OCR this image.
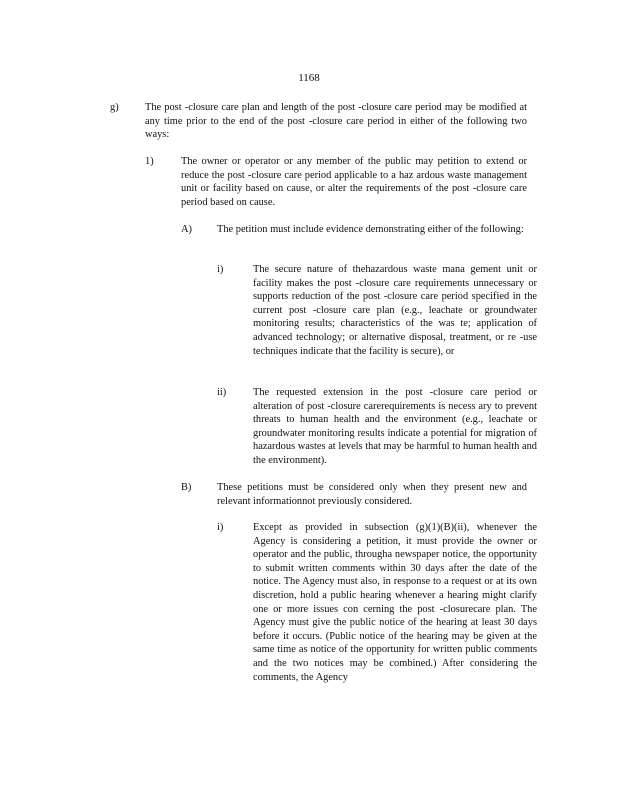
1168
g)	The post -closure care plan and length of the post -closure care period may be modified at any time prior to the end of the post -closure care period in either of the following two ways:
1)	The owner or operator or any member of the public may petition to extend or reduce the post -closure care period applicable to a haz ardous waste management unit or facility based on cause, or alter the requirements of the post -closure care period based on cause.
A) The petition must include evidence demonstrating either of the following:
i)	The secure nature of thehazardous waste mana gement unit or facility makes the post -closure care requirements unnecessary or supports reduction of the post -closure care period specified in the current post -closure care plan (e.g., leachate or groundwater monitoring results; characteristics of the was te; application of advanced technology; or alternative disposal, treatment, or re -use techniques indicate that the facility is secure), or
ii)	The requested extension in the post -closure care period or alteration of post -closure carerequirements is necess ary to prevent threats to human health and the environment (e.g., leachate or groundwater monitoring results indicate a potential for migration of hazardous wastes at levels that may be harmful to human health and the environment).
B) These petitions must be considered only when they present new and relevant informationnot previously considered.
i)	Except as provided in subsection (g)(1)(B)(ii), whenever the Agency is considering a petition, it must provide the owner or operator and the public, througha newspaper notice, the opportunity to submit written comments within 30 days after the date of the notice. The Agency must also, in response to a request or at its own discretion, hold a public hearing whenever a hearing might clarify one or more issues con cerning the post -closurecare plan. The Agency must give the public notice of the hearing at least 30 days before it occurs. (Public notice of the hearing may be given at the same time as notice of the opportunity for written public comments and the two notices may be combined.) After considering the comments, the Agency
